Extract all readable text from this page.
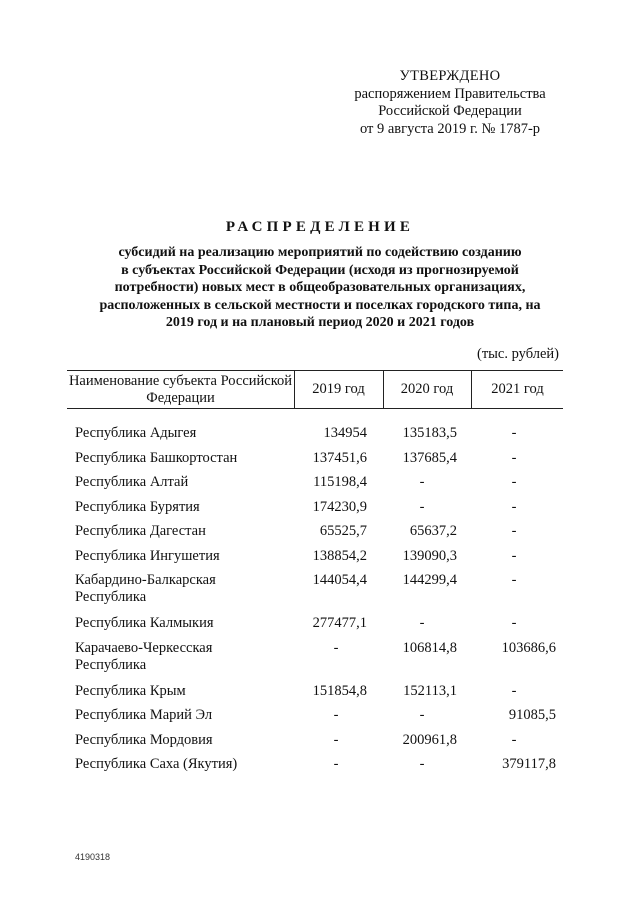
УТВЕРЖДЕНО
распоряжением Правительства
Российской Федерации
от 9 августа 2019 г. № 1787-р
РАСПРЕДЕЛЕНИЕ
субсидий на реализацию мероприятий по содействию созданию
в субъектах Российской Федерации (исходя из прогнозируемой
потребности) новых мест в общеобразовательных организациях,
расположенных в сельской местности и поселках городского типа, на
2019 год и на плановый период 2020 и 2021 годов
(тыс. рублей)
Наименование субъекта Российской Федерации
2019 год	2020 год	2021 год
Республика Адыгея	134954 135183,5	-
Республика Башкортостан	137451,6 137685,4	-
Республика Алтай	115198,4	-	-
Республика Бурятия	174230,9	-	-
Республика Дагестан	65525,7	65637,2	-
Республика Ингушетия	138854,2 139090,3	-
Кабардино-Балкарская
Республика
144054,4 144299,4	-
Республика Калмыкия	277477,1	-	-
Карачаево-Черкесская
Республика
-	106814,8	103686,6
Республика Крым	151854,8 152113,1	-
Республика Марий Эл	-	-	91085,5
Республика Мордовия	-	200961,8	-
Республика Саха (Якутия)	-	-	379117,8
4190318
